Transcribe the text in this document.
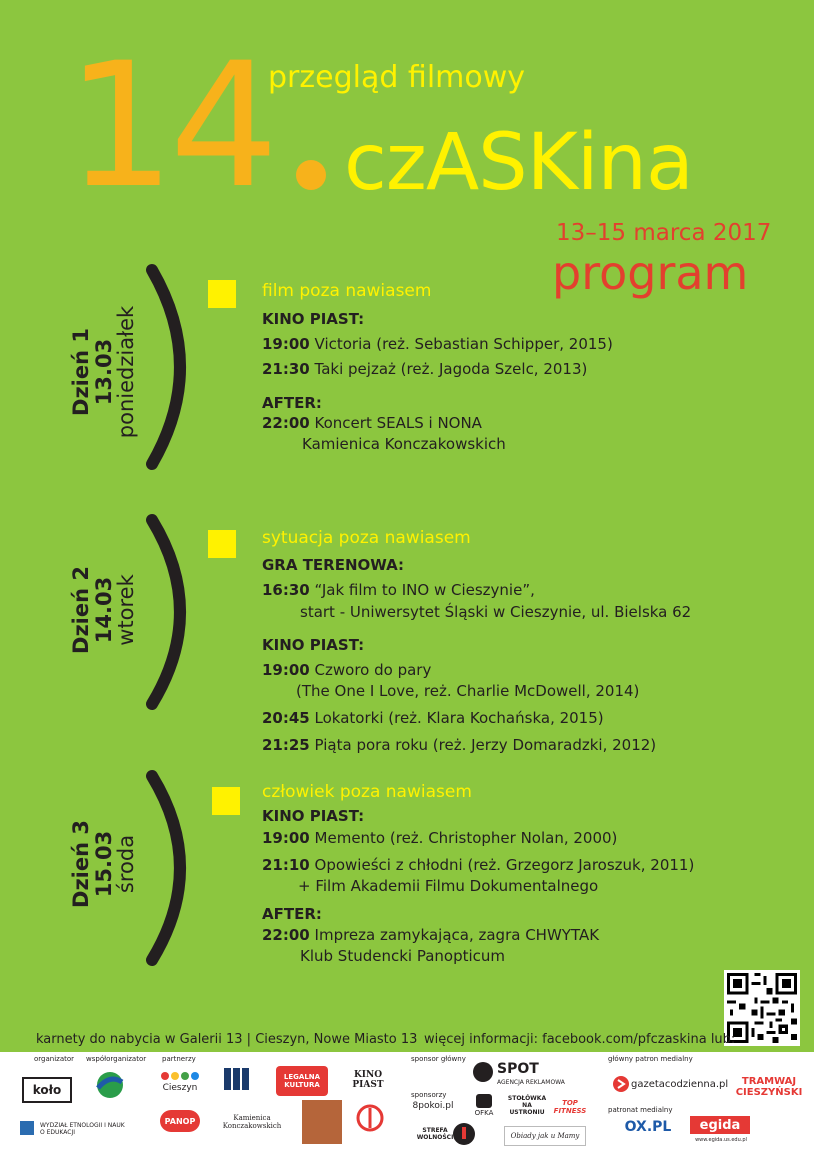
14
przegląd filmowy
czASKina
13–15 marca 2017
program
Dzień 1
13.03
poniedziałek
film poza nawiasem
KINO PIAST:
19:00 Victoria (reż. Sebastian Schipper, 2015)
21:30 Taki pejzaż (reż. Jagoda Szelc, 2013)
AFTER:
22:00 Koncert SEALS i NONA
Kamienica Konczakowskich
Dzień 2
14.03
wtorek
sytuacja poza nawiasem
GRA TERENOWA:
16:30 “Jak film to INO w Cieszynie”,
start - Uniwersytet Śląski w Cieszynie, ul. Bielska 62
KINO PIAST:
19:00 Czworo do pary
(The One I Love, reż. Charlie McDowell, 2014)
20:45 Lokatorki (reż. Klara Kochańska, 2015)
21:25 Piąta pora roku (reż. Jerzy Domaradzki, 2012)
Dzień 3
15.03
środa
człowiek poza nawiasem
KINO PIAST:
19:00 Memento (reż. Christopher Nolan, 2000)
21:10 Opowieści z chłodni (reż. Grzegorz Jaroszuk, 2011)
+ Film Akademii Filmu Dokumentalnego
AFTER:
22:00 Impreza zamykająca, zagra CHWYTAK
Klub Studencki Panopticum
karnety do nabycia w Galerii 13 | Cieszyn, Nowe Miasto 13 więcej informacji: facebook.com/pfczaskina lub:
organizator współorganizator partnerzy	sponsor główny
sponsorzy
główny patron medialny
patronat medialny
koło
WYDZIAŁ ETNOLOGII I NAUK O EDUKACJI
Cieszyn
LEGALNA KULTURA
KINO PIAST
PANOP	Kamienica Konczakowskich
SPOT
AGENCJA REKLAMOWA
8pokoi.pl
OFKA
STOŁÓWKA NA USTRONIU
TOP FITNESS
STREFA WOLNOŚCI	Obiady jak u Mamy
gazetacodzienna.pl	TRAMWAJ CIESZYŃSKI
OX.PL	egida
www.egida.us.edu.pl
